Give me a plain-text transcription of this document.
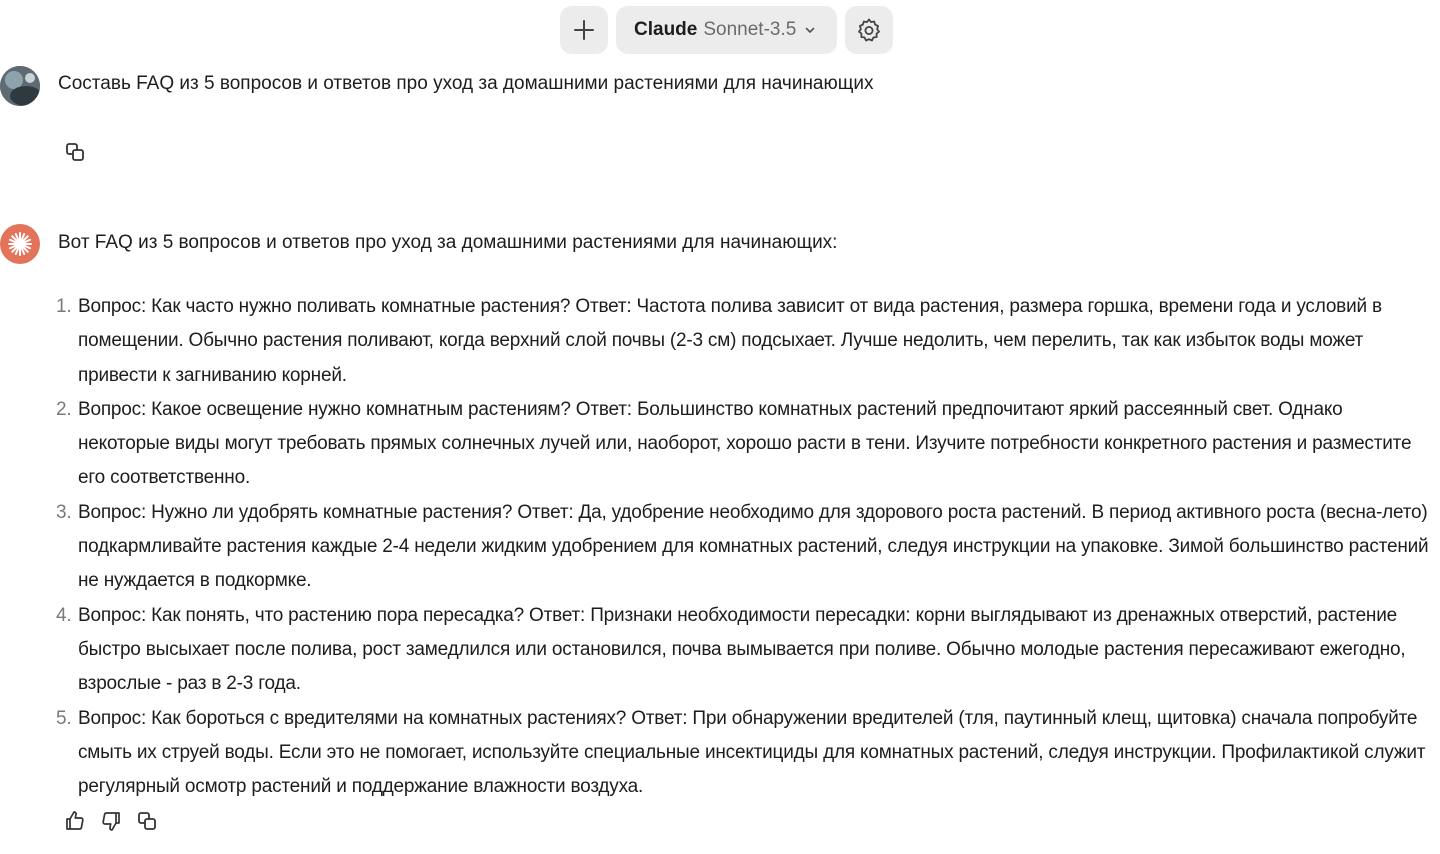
Claude Sonnet-3.5
Составь FAQ из 5 вопросов и ответов про уход за домашними растениями для начинающих
Вот FAQ из 5 вопросов и ответов про уход за домашними растениями для начинающих:
1. Вопрос: Как часто нужно поливать комнатные растения? Ответ: Частота полива зависит от вида растения, размера горшка, времени года и условий в помещении. Обычно растения поливают, когда верхний слой почвы (2-3 см) подсыхает. Лучше недолить, чем перелить, так как избыток воды может привести к загниванию корней.
2. Вопрос: Какое освещение нужно комнатным растениям? Ответ: Большинство комнатных растений предпочитают яркий рассеянный свет. Однако некоторые виды могут требовать прямых солнечных лучей или, наоборот, хорошо расти в тени. Изучите потребности конкретного растения и разместите его соответственно.
3. Вопрос: Нужно ли удобрять комнатные растения? Ответ: Да, удобрение необходимо для здорового роста растений. В период активного роста (весна-лето) подкармливайте растения каждые 2-4 недели жидким удобрением для комнатных растений, следуя инструкции на упаковке. Зимой большинство растений не нуждается в подкормке.
4. Вопрос: Как понять, что растению пора пересадка? Ответ: Признаки необходимости пересадки: корни выглядывают из дренажных отверстий, растение быстро высыхает после полива, рост замедлился или остановился, почва вымывается при поливе. Обычно молодые растения пересаживают ежегодно, взрослые - раз в 2-3 года.
5. Вопрос: Как бороться с вредителями на комнатных растениях? Ответ: При обнаружении вредителей (тля, паутинный клещ, щитовка) сначала попробуйте смыть их струей воды. Если это не помогает, используйте специальные инсектициды для комнатных растений, следуя инструкции. Профилактикой служит регулярный осмотр растений и поддержание влажности воздуха.
